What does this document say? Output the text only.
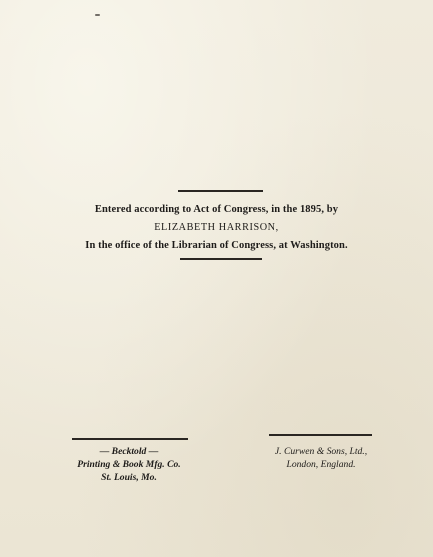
Entered according to Act of Congress, in the 1895, by
ELIZABETH HARRISON,
In the office of the Librarian of Congress, at Washington.
— Becktold —
Printing & Book Mfg. Co.
St. Louis, Mo.
J. Curwen & Sons, Ltd.,
London, England.
